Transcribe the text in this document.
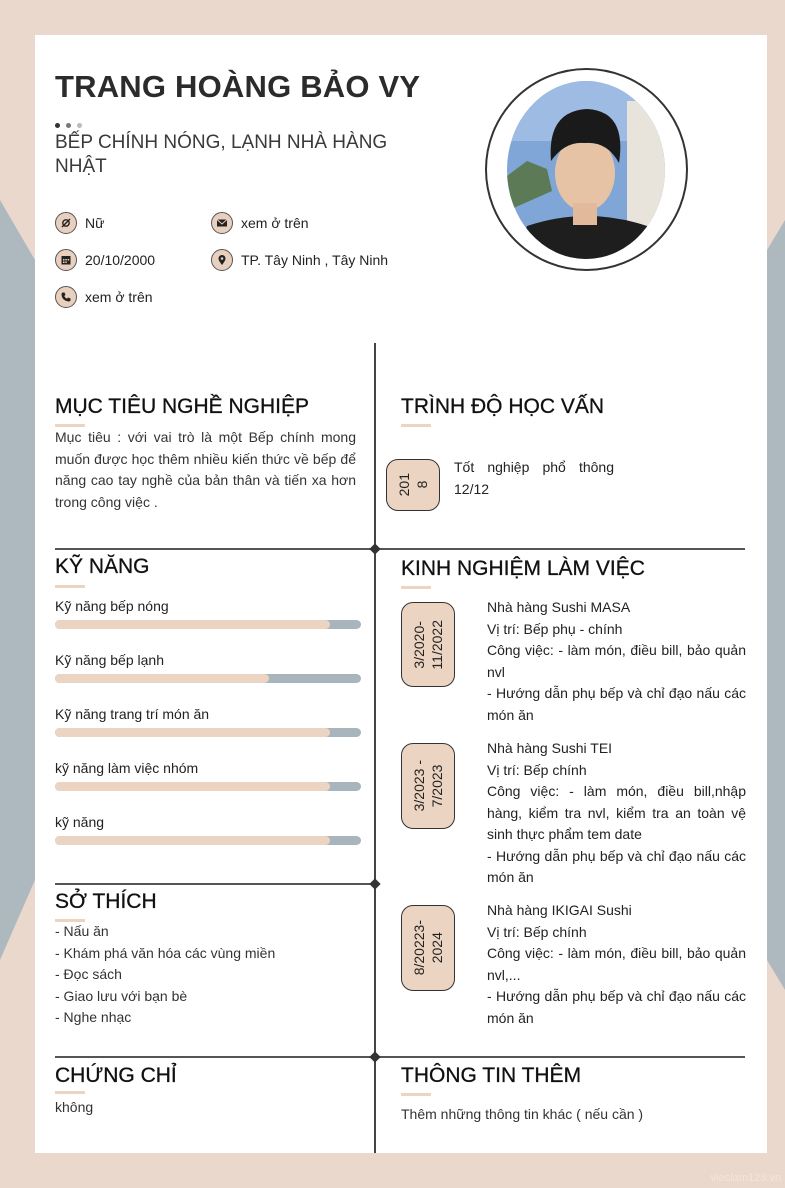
TRANG HOÀNG BẢO VY
BẾP CHÍNH NÓNG, LẠNH NHÀ HÀNG NHẬT
Nữ	xem ở trên
20/10/2000	TP. Tây Ninh , Tây Ninh
xem ở trên
MỤC TIÊU NGHỀ NGHIỆP
Mục tiêu : với vai trò là một Bếp chính mong muốn được học thêm nhiều kiến thức về bếp để năng cao tay nghề của bản thân và tiến xa hơn trong công việc .
TRÌNH ĐỘ HỌC VẤN
201
8
Tốt nghiệp phổ thông 12/12
KỸ NĂNG
Kỹ năng bếp nóng
Kỹ năng bếp lạnh
Kỹ năng trang trí món ăn
kỹ năng làm việc nhóm
kỹ năng
KINH NGHIỆM LÀM VIỆC
3/2020-
11/2022
Nhà hàng Sushi MASA
Vị trí: Bếp phụ - chính
Công việc: - làm món, điều bill, bảo quản nvl
- Hướng dẫn phụ bếp và chỉ đạo nấu các món ăn
3/2023 -
7/2023
Nhà hàng Sushi TEI
Vị trí: Bếp chính
Công việc: - làm món, điều bill,nhập hàng, kiểm tra nvl, kiểm tra an toàn vệ sinh thực phẩm tem date
- Hướng dẫn phụ bếp và chỉ đạo nấu các món ăn
8/20223-
2024
Nhà hàng IKIGAI Sushi
Vị trí: Bếp chính
Công việc: - làm món, điều bill, bảo quản nvl,...
- Hướng dẫn phụ bếp và chỉ đạo nấu các món ăn
SỞ THÍCH
- Nấu ăn
- Khám phá văn hóa các vùng miền
- Đọc sách
- Giao lưu với bạn bè
- Nghe nhạc
CHỨNG CHỈ
không
THÔNG TIN THÊM
Thêm những thông tin khác ( nếu cần )
vieclam123.vn
